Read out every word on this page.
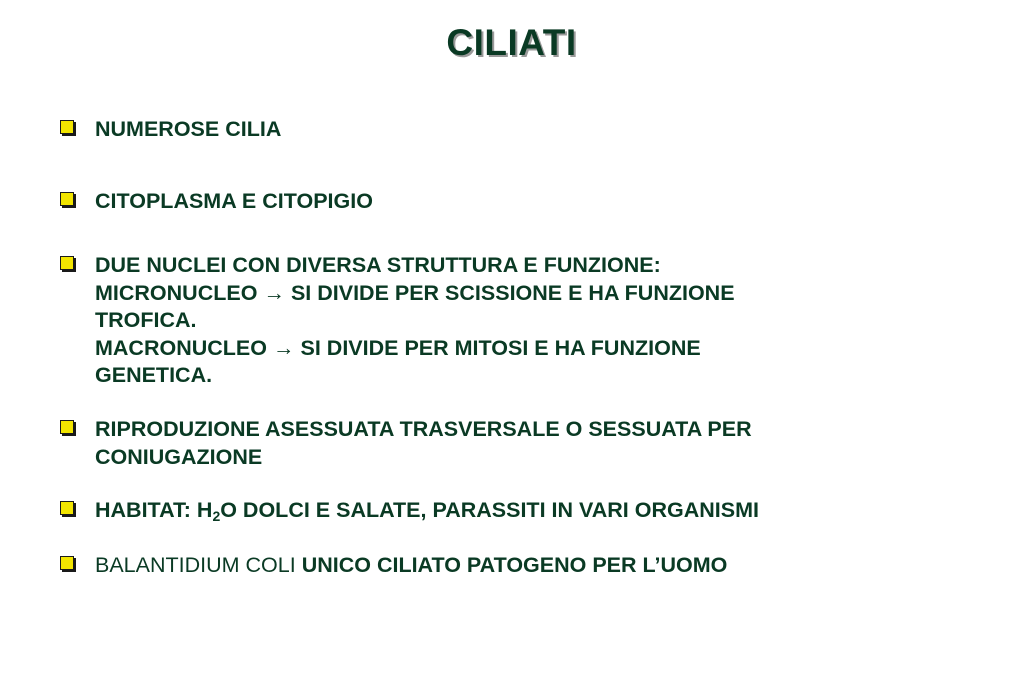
CILIATI
NUMEROSE CILIA
CITOPLASMA E CITOPIGIO
DUE NUCLEI CON DIVERSA STRUTTURA E FUNZIONE:
MICRONUCLEO → SI DIVIDE PER SCISSIONE E HA FUNZIONE
TROFICA.
MACRONUCLEO → SI DIVIDE PER MITOSI E HA FUNZIONE
GENETICA.
RIPRODUZIONE ASESSUATA TRASVERSALE O SESSUATA PER
CONIUGAZIONE
HABITAT: $H_2O$ DOLCI E SALATE, PARASSITI IN VARI ORGANISMI
BALANTIDIUM COLI UNICO CILIATO PATOGENO PER L’UOMO
